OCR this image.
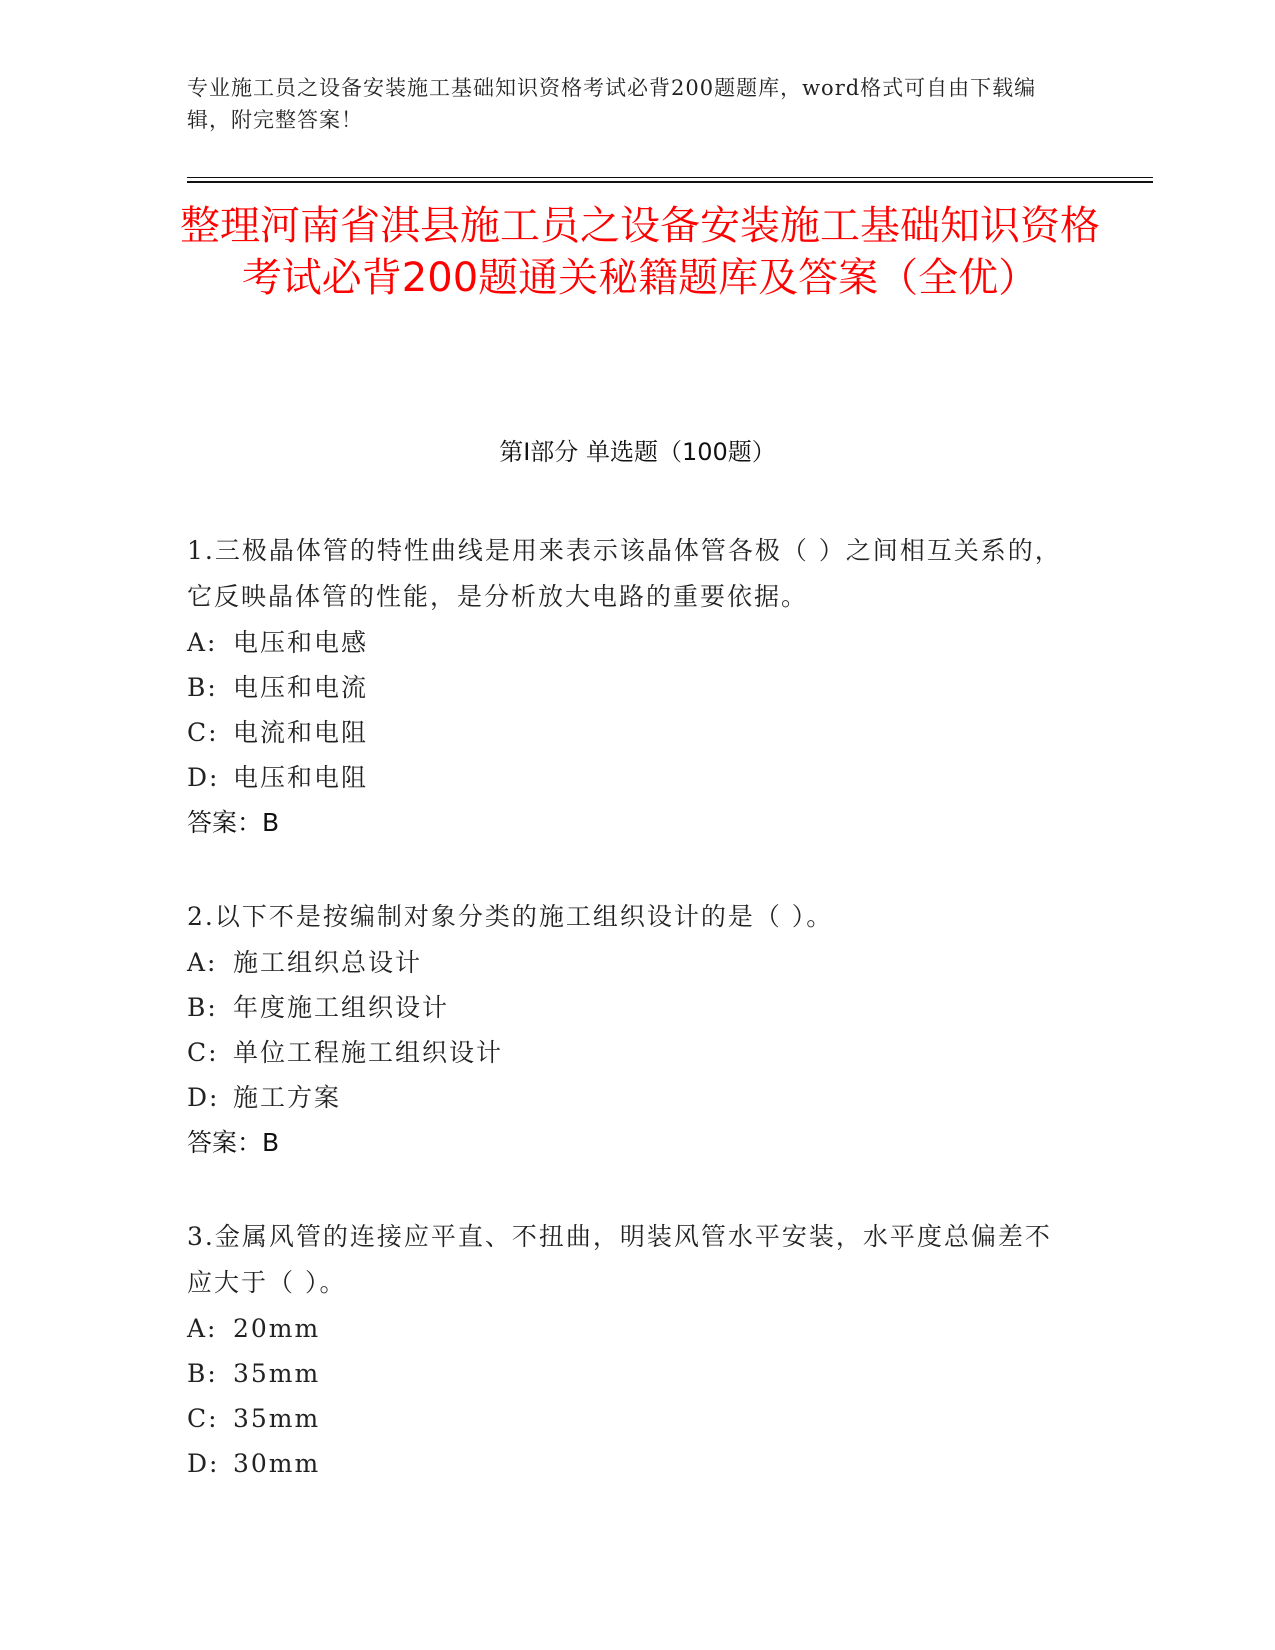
专业施工员之设备安装施工基础知识资格考试必背200题题库，word格式可自由下载编辑，附完整答案！
整理河南省淇县施工员之设备安装施工基础知识资格考试必背200题通关秘籍题库及答案（全优）
第Ⅰ部分 单选题（100题）
1.三极晶体管的特性曲线是用来表示该晶体管各极（ ）之间相互关系的，它反映晶体管的性能，是分析放大电路的重要依据。
A: 电压和电感
B: 电压和电流
C: 电流和电阻
D: 电压和电阻
答案：B
2.以下不是按编制对象分类的施工组织设计的是（ ）。
A: 施工组织总设计
B: 年度施工组织设计
C: 单位工程施工组织设计
D: 施工方案
答案：B
3.金属风管的连接应平直、不扭曲，明装风管水平安装，水平度总偏差不应大于（ ）。
A: 20mm
B: 35mm
C: 35mm
D: 30mm
